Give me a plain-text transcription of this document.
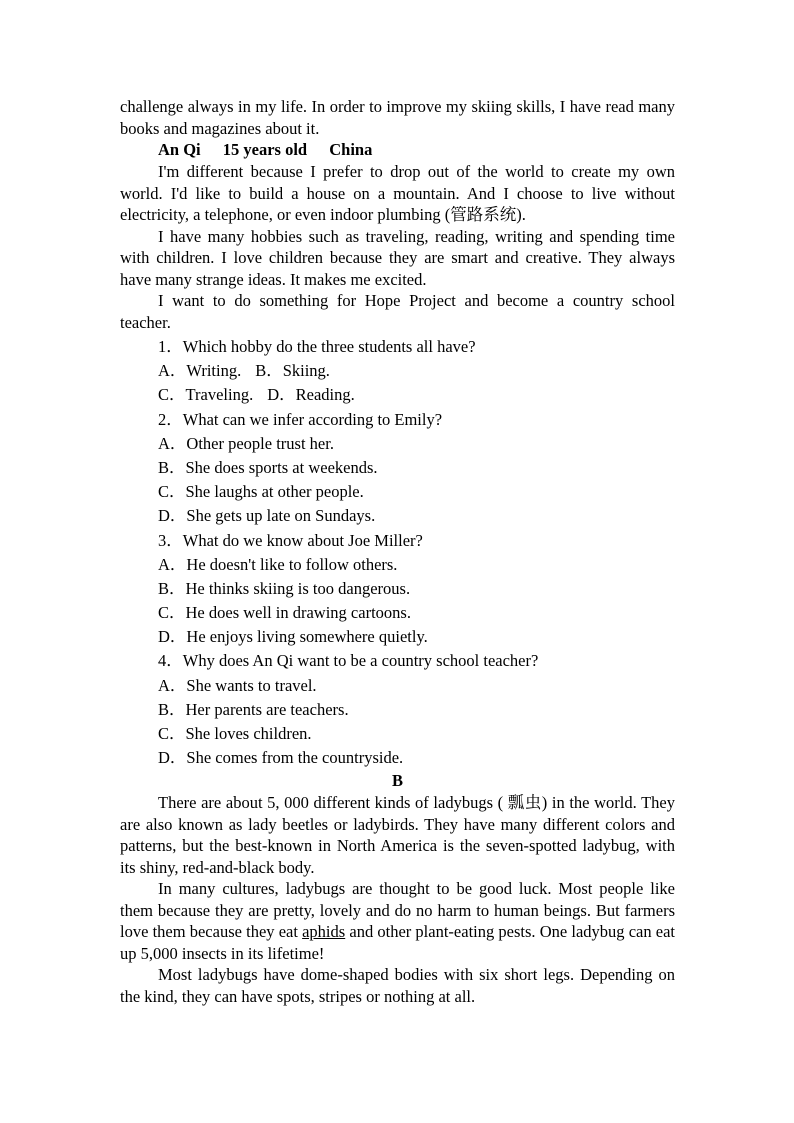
challenge always in my life. In order to improve my skiing skills, I have read many books and magazines about it.

An Qi 15 years old China

I'm different because I prefer to drop out of the world to create my own world. I'd like to build a house on a mountain. And I choose to live without electricity, a telephone, or even indoor plumbing (管路系统).

I have many hobbies such as traveling, reading, writing and spending time with children. I love children because they are smart and creative. They always have many strange ideas. It makes me excited.

I want to do something for Hope Project and become a country school teacher.

1．Which hobby do the three students all have?
A．Writing. B．Skiing.
C．Traveling. D．Reading.
2．What can we infer according to Emily?
A．Other people trust her.
B．She does sports at weekends.
C．She laughs at other people.
D．She gets up late on Sundays.
3．What do we know about Joe Miller?
A．He doesn't like to follow others.
B．He thinks skiing is too dangerous.
C．He does well in drawing cartoons.
D．He enjoys living somewhere quietly.
4．Why does An Qi want to be a country school teacher?
A．She wants to travel.
B．Her parents are teachers.
C．She loves children.
D．She comes from the countryside.
B

There are about 5, 000 different kinds of ladybugs ( 瓢虫) in the world. They are also known as lady beetles or ladybirds. They have many different colors and patterns, but the best-known in North America is the seven-spotted ladybug, with its shiny, red-and-black body.

In many cultures, ladybugs are thought to be good luck. Most people like them because they are pretty, lovely and do no harm to human beings. But farmers love them because they eat aphids and other plant-eating pests. One ladybug can eat up 5,000 insects in its lifetime!

Most ladybugs have dome-shaped bodies with six short legs. Depending on the kind, they can have spots, stripes or nothing at all.
